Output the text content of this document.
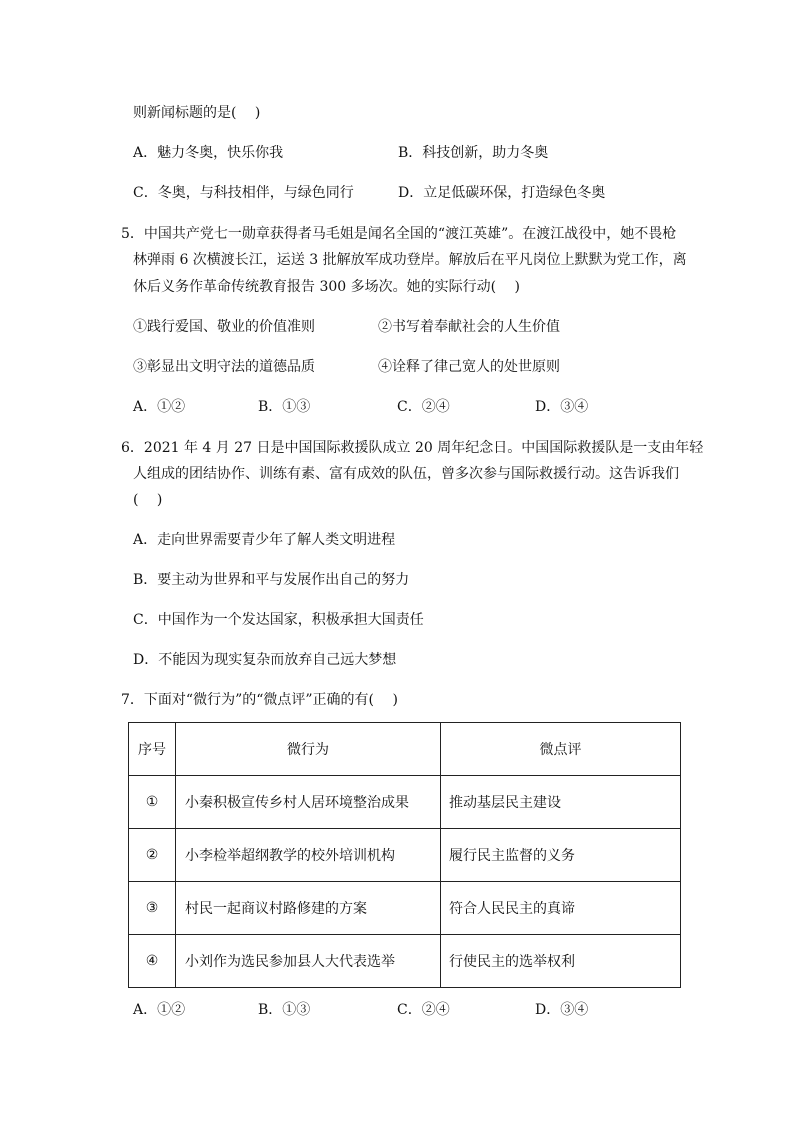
则新闻标题的是(　 )
A．魅力冬奥，快乐你我	B．科技创新，助力冬奥
C．冬奥，与科技相伴，与绿色同行	D．立足低碳环保，打造绿色冬奥
5．中国共产党七一勋章获得者马毛姐是闻名全国的“渡江英雄”。在渡江战役中，她不畏枪
林弹雨 6 次横渡长江，运送 3 批解放军成功登岸。解放后在平凡岗位上默默为党工作，离
休后义务作革命传统教育报告 300 多场次。她的实际行动(　 )
①践行爱国、敬业的价值准则	②书写着奉献社会的人生价值
③彰显出文明守法的道德品质	④诠释了律己宽人的处世原则
A．①②	B．①③	C．②④	D．③④
6．2021 年 4 月 27 日是中国国际救援队成立 20 周年纪念日。中国国际救援队是一支由年轻
人组成的团结协作、训练有素、富有成效的队伍，曾多次参与国际救援行动。这告诉我们
(　 )
A．走向世界需要青少年了解人类文明进程
B．要主动为世界和平与发展作出自己的努力
C．中国作为一个发达国家，积极承担大国责任
D．不能因为现实复杂而放弃自己远大梦想
7．下面对“微行为”的“微点评”正确的有(　 )
序号	微行为	微点评
①	小秦积极宣传乡村人居环境整治成果	推动基层民主建设
②	小李检举超纲教学的校外培训机构	履行民主监督的义务
③	村民一起商议村路修建的方案	符合人民民主的真谛
④	小刘作为选民参加县人大代表选举	行使民主的选举权利
A．①②	B．①③	C．②④	D．③④
